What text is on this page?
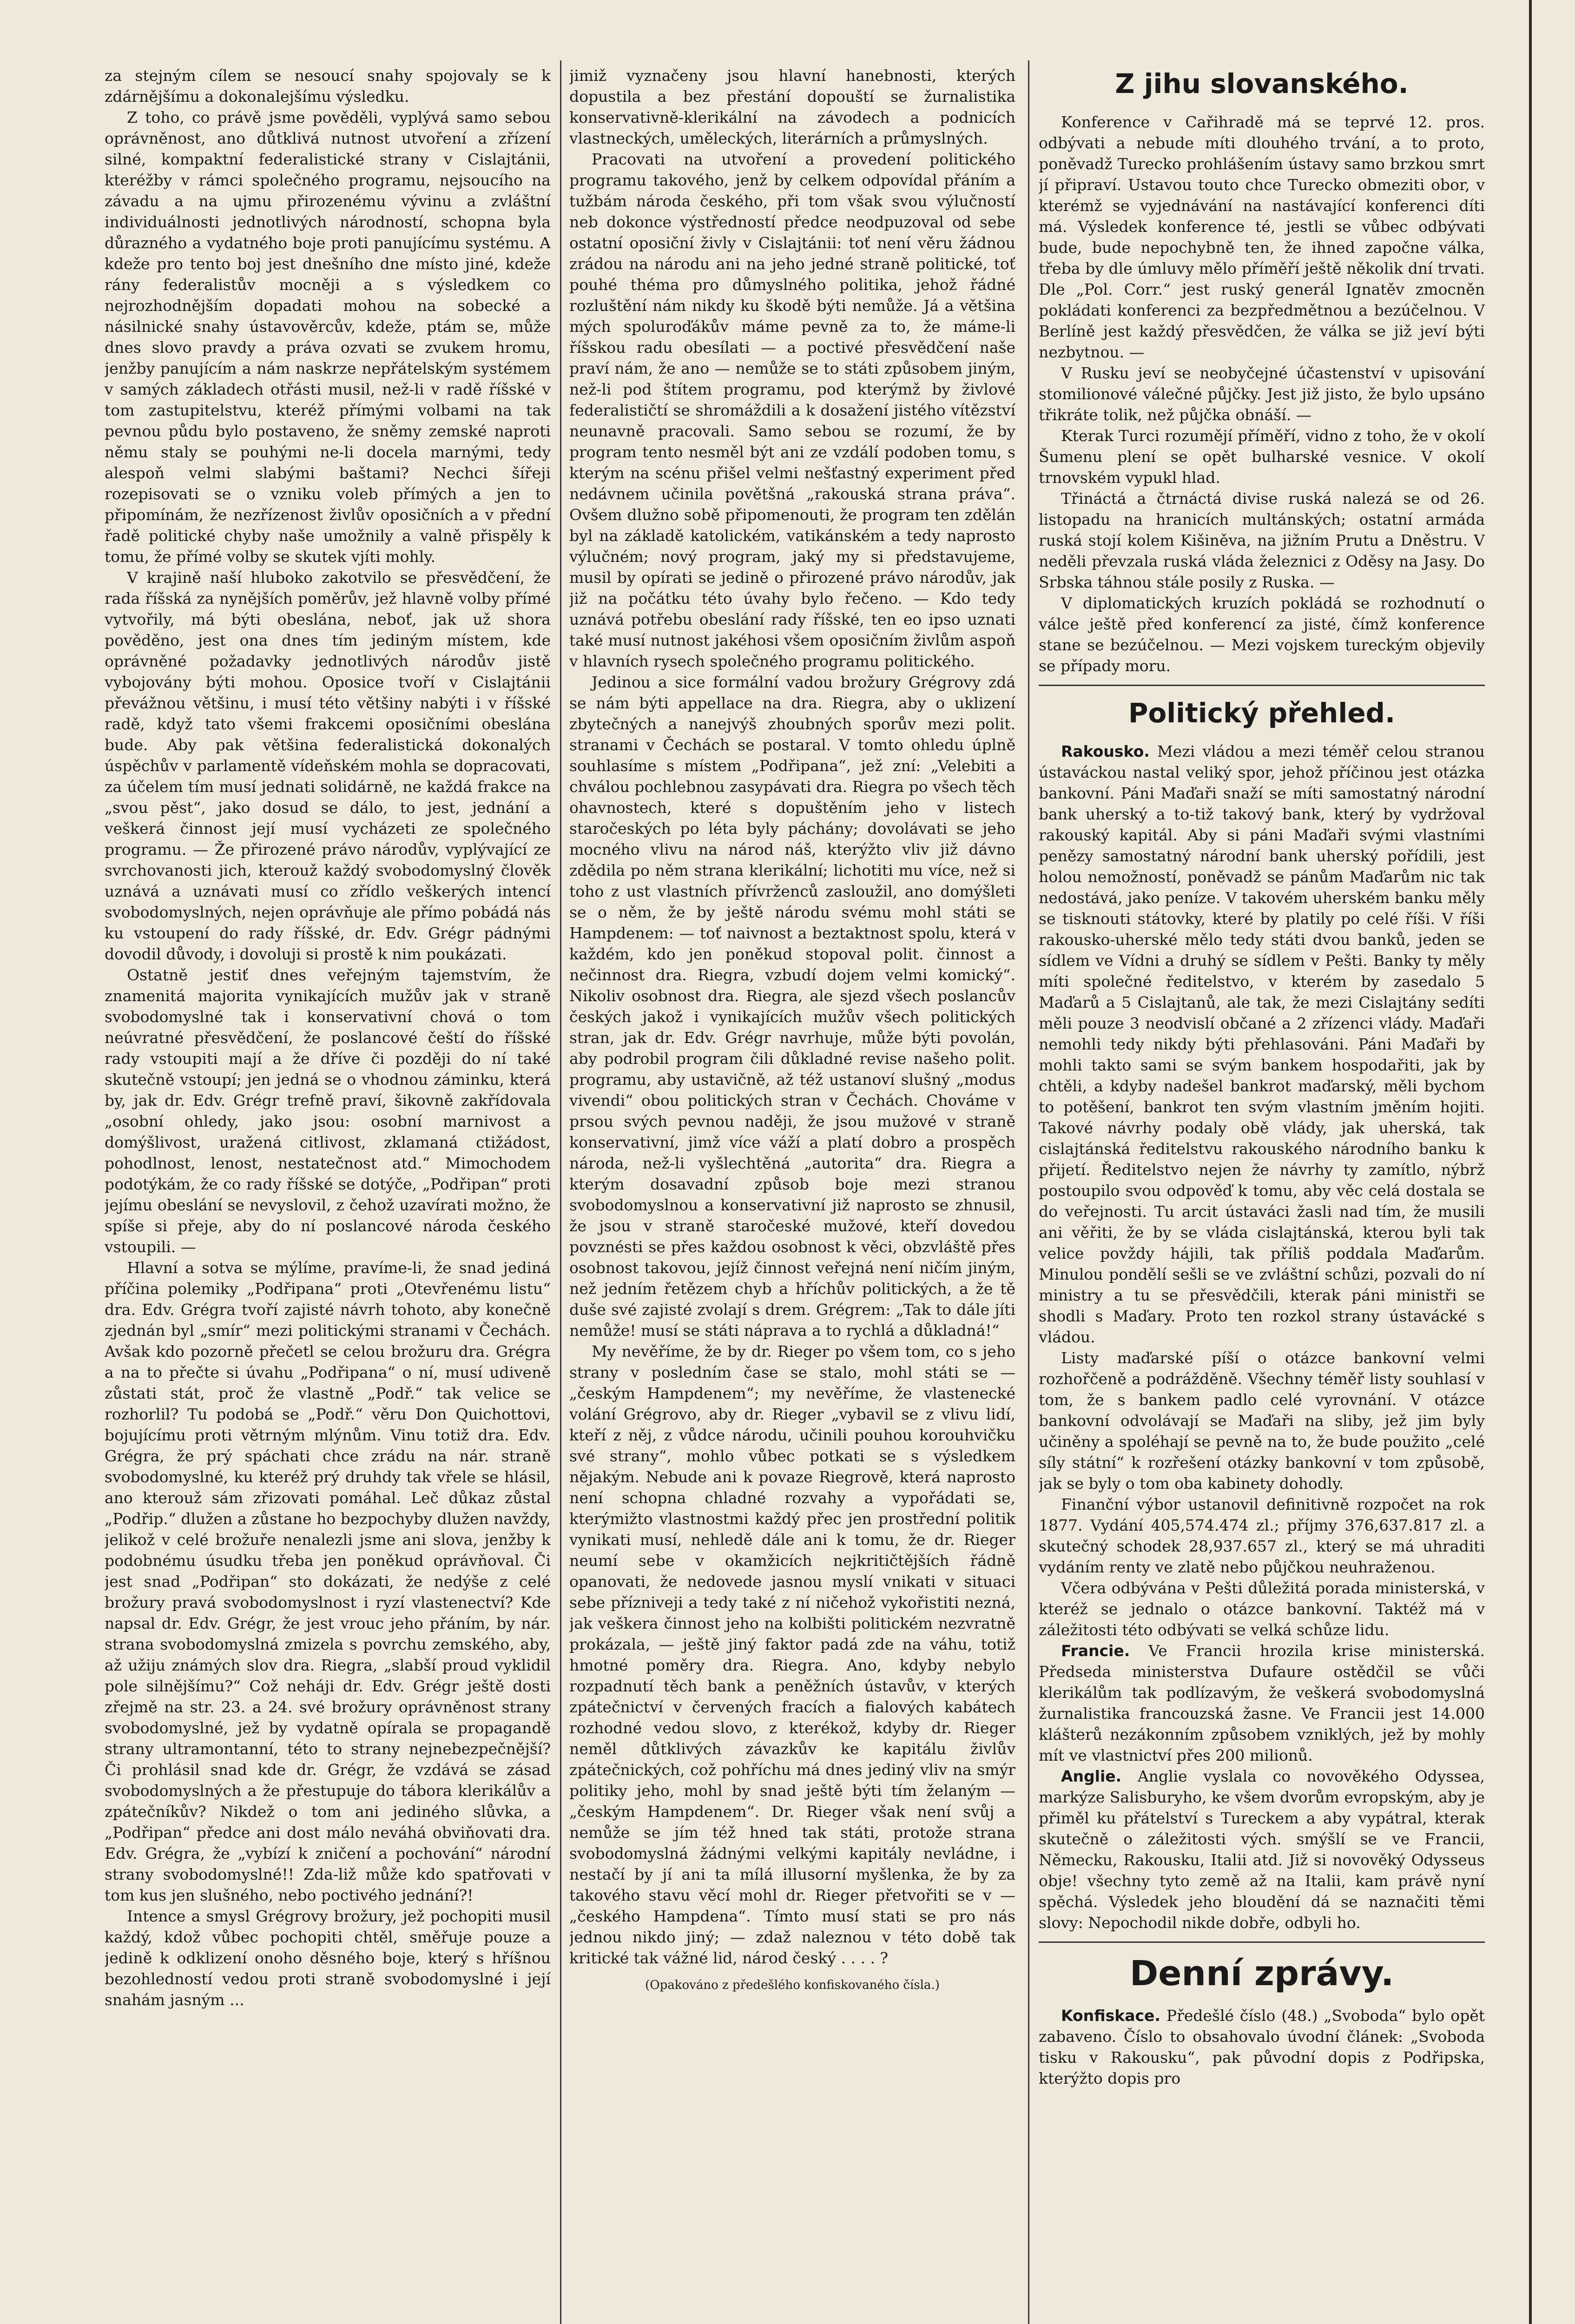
za stejným cílem se nesoucí snahy spojovaly se k zdárnějšímu a dokonalejšímu výsledku.

Z toho, co právě jsme pověděli, vyplývá samo sebou oprávněnost, ano důtklivá nutnost utvoření a zřízení silné, kompaktní federalistické strany v Cislajtánii, kteréžby v rámci společného programu, nejsoucího na závadu a na ujmu přirozenému vývinu a zvláštní individuálnosti jednotlivých národností, schopna byla důrazného a vydatného boje proti panujícímu systému. A kdeže pro tento boj jest dnešního dne místo jiné, kdeže rány federalistův mocněji a s výsledkem co nejrozhodnějším dopadati mohou na sobecké a násilnické snahy ústavověrcův, kdeže, ptám se, může dnes slovo pravdy a práva ozvati se zvukem hromu, jenžby panujícím a nám naskrze nepřátelským systémem v samých základech otřásti musil, než-li v radě říšské v tom zastupitelstvu, kteréž přímými volbami na tak pevnou půdu bylo postaveno, že sněmy zemské naproti němu staly se pouhými ne-li docela marnými, tedy alespoň velmi slabými baštami? Nechci šířeji rozepisovati se o vzniku voleb přímých a jen to připomínám, že nezřízenost živlův oposičních a v přední řadě politické chyby naše umožnily a valně přispěly k tomu, že přímé volby se skutek vjíti mohly.

V krajině naší hluboko zakotvilo se přesvědčení, že rada říšská za nynějších poměrův, jež hlavně volby přímé vytvořily, má býti obeslána, neboť, jak už shora pověděno, jest ona dnes tím jediným místem, kde oprávněné požadavky jednotlivých národův jistě vybojovány býti mohou. Oposice tvoří v Cislajtánii převážnou většinu, i musí této většiny nabýti i v říšské radě, když tato všemi frakcemi oposičními obeslána bude. Aby pak většina federalistická dokonalých úspěchův v parlamentě vídeňském mohla se dopracovati, za účelem tím musí jednati solidárně, ne každá frakce na „svou pěst“, jako dosud se dálo, to jest, jednání a veškerá činnost její musí vycházeti ze společného programu. — Že přirozené právo národův, vyplývající ze svrchovanosti jich, kterouž každý svobodomyslný člověk uznává a uznávati musí co zřídlo veškerých intencí svobodomyslných, nejen oprávňuje ale přímo pobádá nás ku vstoupení do rady říšské, dr. Edv. Grégr pádnými dovodil důvody, i dovoluji si prostě k nim poukázati.

Ostatně jestiť dnes veřejným tajemstvím, že znamenitá majorita vynikajících mužův jak v straně svobodomyslné tak i konservativní chová o tom neúvratné přesvědčení, že poslancové čeští do říšské rady vstoupiti mají a že dříve či později do ní také skutečně vstoupí; jen jedná se o vhodnou záminku, která by, jak dr. Edv. Grégr trefně praví, šikovně zakřídovala „osobní ohledy, jako jsou: osobní marnivost a domýšlivost, uražená citlivost, zklamaná ctižádost, pohodlnost, lenost, nestatečnost atd.“ Mimochodem podotýkám, že co rady říšské se dotýče, „Podřipan“ proti jejímu obeslání se nevyslovil, z čehož uzavírati možno, že spíše si přeje, aby do ní poslancové národa českého vstoupili. —

Hlavní a sotva se mýlíme, pravíme-li, že snad jediná příčina polemiky „Podřipana“ proti „Otevřenému listu“ dra. Edv. Grégra tvoří zajisté návrh tohoto, aby konečně zjednán byl „smír“ mezi politickými stranami v Čechách. Avšak kdo pozorně přečetl se celou brožuru dra. Grégra a na to přečte si úvahu „Podřipana“ o ní, musí udiveně zůstati stát, proč že vlastně „Podř.“ tak velice se rozhorlil? Tu podobá se „Podř.“ věru Don Quichottovi, bojujícímu proti větrným mlýnům. Vinu totiž dra. Edv. Grégra, že prý spáchati chce zrádu na nár. straně svobodomyslné, ku kteréž prý druhdy tak vřele se hlásil, ano kterouž sám zřizovati pomáhal. Leč důkaz zůstal „Podřip.“ dlužen a zůstane ho bezpochyby dlužen navždy, jelikož v celé brožuře nenalezli jsme ani slova, jenžby k podobnému úsudku třeba jen poněkud oprávňoval. Či jest snad „Podřipan“ sto dokázati, že nedýše z celé brožury pravá svobodomyslnost i ryzí vlastenectví? Kde napsal dr. Edv. Grégr, že jest vrouc jeho přáním, by nár. strana svobodomyslná zmizela s povrchu zemského, aby, až užiju známých slov dra. Riegra, „slabší proud vyklidil pole silnějšímu?“ Což neháji dr. Edv. Grégr ještě dosti zřejmě na str. 23. a 24. své brožury oprávněnost strany svobodomyslné, jež by vydatně opírala se propagandě strany ultramontanní, této to strany nejnebezpečnější? Či prohlásil snad kde dr. Grégr, že vzdává se zásad svobodomyslných a že přestupuje do tábora klerikálův a zpátečníkův? Nikdež o tom ani jediného slůvka, a „Podřipan“ předce ani dost málo neváhá obviňovati dra. Edv. Grégra, že „vybízí k zničení a pochování“ národní strany svobodomyslné!! Zda-liž může kdo spatřovati v tom kus jen slušného, nebo poctivého jednání?!

Intence a smysl Grégrovy brožury, jež pochopiti musil každý, kdož vůbec pochopiti chtěl, směřuje pouze a jedině k odklizení onoho děsného boje, který s hříšnou bezohledností vedou proti straně svobodomyslné i její snahám jasným ...

jimiž vyznačeny jsou hlavní hanebnosti, kterých dopustila a bez přestání dopouští se žurnalistika konservativně-klerikální na závodech a podnicích vlastneckých, uměleckých, literárních a průmyslných.

Pracovati na utvoření a provedení politického programu takového, jenž by celkem odpovídal přáním a tužbám národa českého, při tom však svou výlučností neb dokonce výstředností předce neodpuzoval od sebe ostatní oposiční živly v Cislajtánii: toť není věru žádnou zrádou na národu ani na jeho jedné straně politické, toť pouhé théma pro důmyslného politika, jehož řádné rozluštění nám nikdy ku škodě býti nemůže. Já a většina mých spoluroďákův máme pevně za to, že máme-li říšskou radu obesílati — a poctivé přesvědčení naše praví nám, že ano — nemůže se to státi způsobem jiným, než-li pod štítem programu, pod kterýmž by živlové federalističtí se shromáždili a k dosažení jistého vítězství neunavně pracovali. Samo sebou se rozumí, že by program tento nesměl být ani ze vzdálí podoben tomu, s kterým na scénu přišel velmi nešťastný experiment před nedávnem učinila povětšná „rakouská strana práva“. Ovšem dlužno sobě připomenouti, že program ten zdělán byl na základě katolickém, vatikánském a tedy naprosto výlučném; nový program, jaký my si představujeme, musil by opírati se jedině o přirozené právo národův, jak již na počátku této úvahy bylo řečeno. — Kdo tedy uznává potřebu obeslání rady říšské, ten eo ipso uznati také musí nutnost jakéhosi všem oposičním živlům aspoň v hlavních rysech společného programu politického.

Jedinou a sice formální vadou brožury Grégrovy zdá se nám býti appellace na dra. Riegra, aby o uklizení zbytečných a nanejvýš zhoubných sporův mezi polit. stranami v Čechách se postaral. V tomto ohledu úplně souhlasíme s místem „Podřipana“, jež zní: „Velebiti a chválou pochlebnou zasypávati dra. Riegra po všech těch ohavnostech, které s dopuštěním jeho v listech staročeských po léta byly páchány; dovolávati se jeho mocného vlivu na národ náš, kterýžto vliv již dávno zdědila po něm strana klerikální; lichotiti mu více, než si toho z ust vlastních přívrženců zasloužil, ano domýšleti se o něm, že by ještě národu svému mohl státi se Hampdenem: — toť naivnost a beztaktnost spolu, která v každém, kdo jen poněkud stopoval polit. činnost a nečinnost dra. Riegra, vzbudí dojem velmi komický“. Nikoliv osobnost dra. Riegra, ale sjezd všech poslancův českých jakož i vynikajících mužův všech politických stran, jak dr. Edv. Grégr navrhuje, může býti povolán, aby podrobil program čili důkladné revise našeho polit. programu, aby ustavičně, až též ustanoví slušný „modus vivendi“ obou politických stran v Čechách. Chováme v prsou svých pevnou naději, že jsou mužové v straně konservativní, jimž více váží a platí dobro a prospěch národa, než-li vyšlechtěná „autorita“ dra. Riegra a kterým dosavadní způsob boje mezi stranou svobodomyslnou a konservativní již naprosto se zhnusil, že jsou v straně staročeské mužové, kteří dovedou povznésti se přes každou osobnost k věci, obzvláště přes osobnost takovou, jejíž činnost veřejná není ničím jiným, než jedním řetězem chyb a hříchův politických, a že tě duše své zajisté zvolají s drem. Grégrem: „Tak to dále jíti nemůže! musí se státi náprava a to rychlá a důkladná!“

My nevěříme, že by dr. Rieger po všem tom, co s jeho strany v posledním čase se stalo, mohl státi se — „českým Hampdenem“; my nevěříme, že vlastenecké volání Grégrovo, aby dr. Rieger „vybavil se z vlivu lidí, kteří z něj, z vůdce národu, učinili pouhou korouhvičku své strany“, mohlo vůbec potkati se s výsledkem nějakým. Nebude ani k povaze Riegrově, která naprosto není schopna chladné rozvahy a vypořádati se, kterýmižto vlastnostmi každý přec jen prostřední politik vynikati musí, nehledě dále ani k tomu, že dr. Rieger neumí sebe v okamžicích nejkritičtějších řádně opanovati, že nedovede jasnou myslí vnikati v situaci sebe přízniveji a tedy také z ní ničehož vykořistiti nezná, jak veškera činnost jeho na kolbišti politickém nezvratně prokázala, — ještě jiný faktor padá zde na váhu, totiž hmotné poměry dra. Riegra. Ano, kdyby nebylo rozpadnutí těch bank a peněžních ústavův, v kterých zpátečnictví v červených fracích a fialových kabátech rozhodné vedou slovo, z kterékož, kdyby dr. Rieger neměl důtklivých závazkův ke kapitálu živlův zpátečnických, což pohříchu má dnes jediný vliv na smýr politiky jeho, mohl by snad ještě býti tím želaným — „českým Hampdenem“. Dr. Rieger však není svůj a nemůže se jím též hned tak státi, protože strana svobodomyslná žádnými velkými kapitály nevládne, i nestačí by jí ani ta mílá illusorní myšlenka, že by za takového stavu věcí mohl dr. Rieger přetvořiti se v — „českého Hampdena“. Tímto musí stati se pro nás jednou nikdo jiný; — zdaž naleznou v této době tak kritické tak vážné lid, národ český . . . . ?

(Opakováno z předešlého konfiskovaného čísla.)
Z jihu slovanského.

Konference v Cařihradě má se teprvé 12. pros. odbývati a nebude míti dlouhého trvání, a to proto, poněvadž Turecko prohlášením ústavy samo brzkou smrt jí připraví. Ustavou touto chce Turecko obmeziti obor, v kterémž se vyjednávání na nastávající konferenci díti má. Výsledek konference té, jestli se vůbec odbývati bude, bude nepochybně ten, že ihned započne válka, třeba by dle úmluvy mělo příměří ještě několik dní trvati. Dle „Pol. Corr.“ jest ruský generál Ignatěv zmocněn pokládati konferenci za bezpředmětnou a bezúčelnou. V Berlíně jest každý přesvědčen, že válka se již jeví býti nezbytnou. —

V Rusku jeví se neobyčejné účastenství v upisování stomilionové válečné půjčky. Jest již jisto, že bylo upsáno třikráte tolik, než půjčka obnáší. —

Kterak Turci rozumějí příměří, vidno z toho, že v okolí Šumenu plení se opět bulharské vesnice. V okolí trnovském vypukl hlad.

Třináctá a čtrnáctá divise ruská nalezá se od 26. listopadu na hranicích multánských; ostatní armáda ruská stojí kolem Kišiněva, na jižním Prutu a Dněstru. V neděli převzala ruská vláda železnici z Oděsy na Jasy. Do Srbska táhnou stále posily z Ruska. —

V diplomatických kruzích pokládá se rozhodnutí o válce ještě před konferencí za jisté, čímž konference stane se bezúčelnou. — Mezi vojskem tureckým objevily se případy moru.

Politický přehled.

Rakousko. Mezi vládou a mezi téměř celou stranou ústaváckou nastal veliký spor, jehož příčinou jest otázka bankovní. Páni Maďaři snaží se míti samostatný národní bank uherský a to-tiž takový bank, který by vydržoval rakouský kapitál. Aby si páni Maďaři svými vlastními penězy samostatný národní bank uherský pořídili, jest holou nemožností, poněvadž se pánům Maďarům nic tak nedostává, jako peníze. V takovém uherském banku měly se tisknouti státovky, které by platily po celé říši. V říši rakousko-uherské mělo tedy státi dvou banků, jeden se sídlem ve Vídni a druhý se sídlem v Pešti. Banky ty měly míti společné ředitelstvo, v kterém by zasedalo 5 Maďarů a 5 Cislajtanů, ale tak, že mezi Cislajtány sedíti měli pouze 3 neodvislí občané a 2 zřízenci vlády. Maďaři nemohli tedy nikdy býti přehlasováni. Páni Maďaři by mohli takto sami se svým bankem hospodařiti, jak by chtěli, a kdyby nadešel bankrot maďarský, měli bychom to potěšení, bankrot ten svým vlastním jměním hojiti. Takové návrhy podaly obě vlády, jak uherská, tak cislajtánská ředitelstvu rakouského národního banku k přijetí. Ředitelstvo nejen že návrhy ty zamítlo, nýbrž postoupilo svou odpověď k tomu, aby věc celá dostala se do veřejnosti. Tu arcit ústaváci žasli nad tím, že musili ani věřiti, že by se vláda cislajtánská, kterou byli tak velice povždy hájili, tak příliš poddala Maďarům. Minulou pondělí sešli se ve zvláštní schůzi, pozvali do ní ministry a tu se přesvědčili, kterak páni ministři se shodli s Maďary. Proto ten rozkol strany ústavácké s vládou.

Listy maďarské píší o otázce bankovní velmi rozhořčeně a podrážděně. Všechny téměř listy souhlasí v tom, že s bankem padlo celé vyrovnání. V otázce bankovní odvolávají se Maďaři na sliby, jež jim byly učiněny a spoléhají se pevně na to, že bude použito „celé síly státní“ k rozřešení otázky bankovní v tom způsobě, jak se byly o tom oba kabinety dohodly.

Finanční výbor ustanovil definitivně rozpočet na rok 1877. Vydání 405,574.474 zl.; příjmy 376,637.817 zl. a skutečný schodek 28,937.657 zl., který se má uhraditi vydáním renty ve zlatě nebo půjčkou neuhraženou.

Včera odbývána v Pešti důležitá porada ministerská, v kteréž se jednalo o otázce bankovní. Taktéž má v záležitosti této odbývati se velká schůze lidu.

Francie. Ve Francii hrozila krise ministerská. Předseda ministerstva Dufaure ostědčil se vůči klerikálům tak podlízavým, že veškerá svobodomyslná žurnalistika francouzská žasne. Ve Francii jest 14.000 klášterů nezákonním způsobem vzniklých, jež by mohly mít ve vlastnictví přes 200 milionů.

Anglie. Anglie vyslala co novověkého Odyssea, markýze Salisburyho, ke všem dvorům evropským, aby je přiměl ku přátelství s Tureckem a aby vypátral, kterak skutečně o záležitosti vých. smýšlí se ve Francii, Německu, Rakousku, Italii atd. Již si novověký Odysseus obje! všechny tyto země až na Italii, kam právě nyní spěchá. Výsledek jeho bloudění dá se naznačiti těmi slovy: Nepochodil nikde dobře, odbyli ho.

Denní zprávy.

Konfiskace. Předešlé číslo (48.) „Svoboda“ bylo opět zabaveno. Číslo to obsahovalo úvodní článek: „Svoboda tisku v Rakousku“, pak původní dopis z Podřipska, kterýžto dopis pro
